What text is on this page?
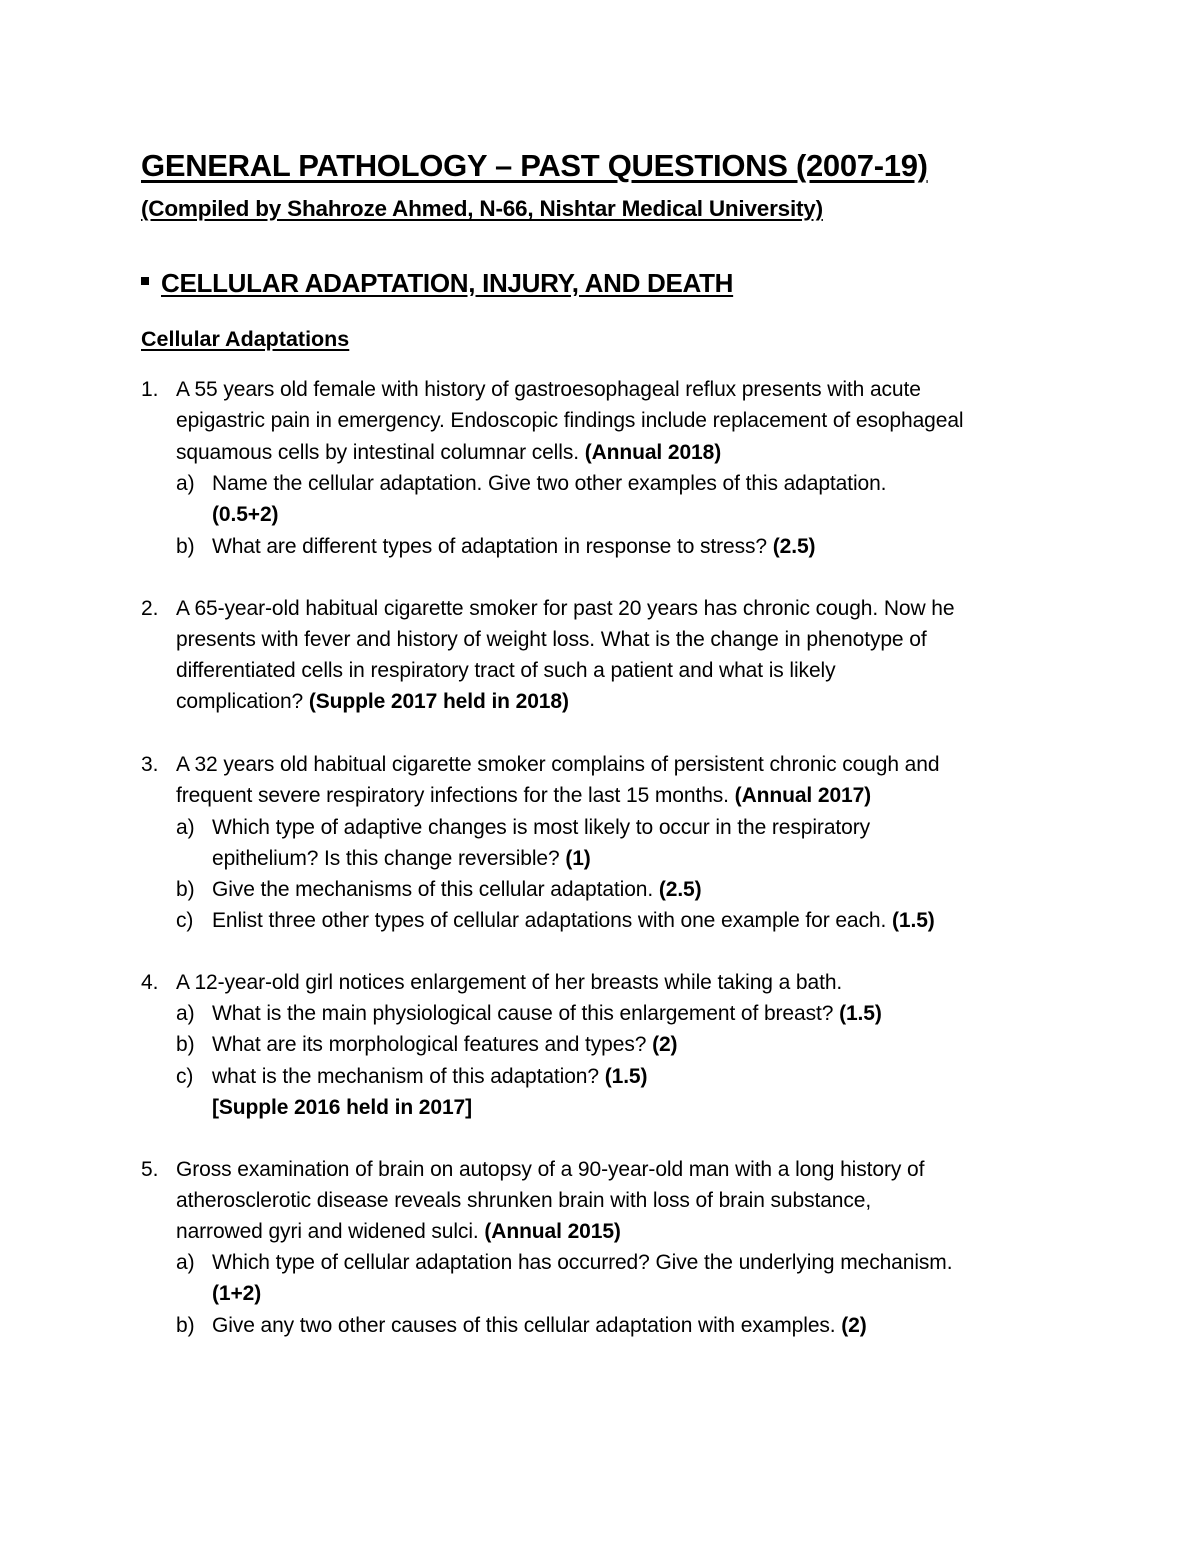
GENERAL PATHOLOGY – PAST QUESTIONS (2007-19)
(Compiled by Shahroze Ahmed, N-66, Nishtar Medical University)
CELLULAR ADAPTATION, INJURY, AND DEATH
Cellular Adaptations
1. A 55 years old female with history of gastroesophageal reflux presents with acute
epigastric pain in emergency. Endoscopic findings include replacement of esophageal
squamous cells by intestinal columnar cells. (Annual 2018)
a) Name the cellular adaptation. Give two other examples of this adaptation.
(0.5+2)
b) What are different types of adaptation in response to stress? (2.5)
2. A 65-year-old habitual cigarette smoker for past 20 years has chronic cough. Now he
presents with fever and history of weight loss. What is the change in phenotype of
differentiated cells in respiratory tract of such a patient and what is likely
complication? (Supple 2017 held in 2018)
3. A 32 years old habitual cigarette smoker complains of persistent chronic cough and
frequent severe respiratory infections for the last 15 months. (Annual 2017)
a) Which type of adaptive changes is most likely to occur in the respiratory
epithelium? Is this change reversible? (1)
b) Give the mechanisms of this cellular adaptation. (2.5)
c) Enlist three other types of cellular adaptations with one example for each. (1.5)
4. A 12-year-old girl notices enlargement of her breasts while taking a bath.
a) What is the main physiological cause of this enlargement of breast? (1.5)
b) What are its morphological features and types? (2)
c) what is the mechanism of this adaptation? (1.5)
[Supple 2016 held in 2017]
5. Gross examination of brain on autopsy of a 90-year-old man with a long history of
atherosclerotic disease reveals shrunken brain with loss of brain substance,
narrowed gyri and widened sulci. (Annual 2015)
a) Which type of cellular adaptation has occurred? Give the underlying mechanism.
(1+2)
b) Give any two other causes of this cellular adaptation with examples. (2)
